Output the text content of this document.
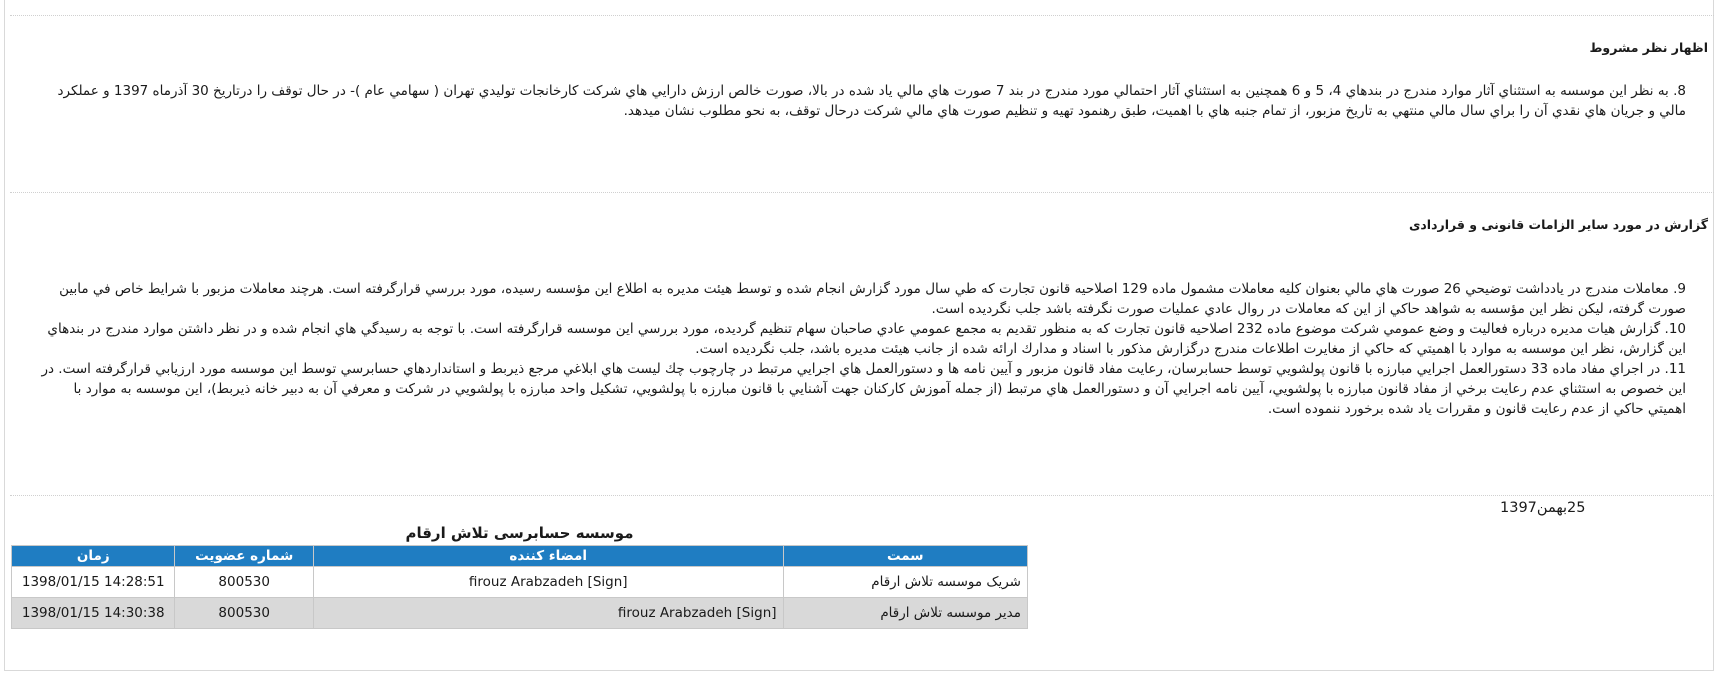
اظهار نظر مشروط

8. به نظر اين موسسه به استثناي آثار موارد مندرج در بندهاي 4، 5 و 6 همچنين به استثناي آثار احتمالي مورد مندرج در بند 7 صورت هاي مالي ياد شده در بالا، صورت خالص ارزش دارايي هاي شركت كارخانجات توليدي تهران ( سهامي عام )- در حال توقف را درتاريخ 30 آذرماه 1397 و عملكرد مالي و جريان هاي نقدي آن را براي سال مالي منتهي به تاريخ مزبور، از تمام جنبه هاي با اهميت، طبق رهنمود تهيه و تنظيم صورت هاي مالي شركت درحال توقف، به نحو مطلوب نشان ميدهد.

گزارش در مورد ساير الزامات قانونی و قراردادی

9. معاملات مندرج در يادداشت توضيحي 26 صورت هاي مالي بعنوان كليه معاملات مشمول ماده 129 اصلاحيه قانون تجارت كه طي سال مورد گزارش انجام شده و توسط هيئت مديره به اطلاع اين مؤسسه رسيده، مورد بررسي قرارگرفته است. هرچند معاملات مزبور با شرايط خاص في مابين صورت گرفته، ليكن نظر اين مؤسسه به شواهد حاكي از اين كه معاملات در روال عادي عمليات صورت نگرفته باشد جلب نگرديده است.

10. گزارش هيات مديره درباره فعاليت و وضع عمومي شركت موضوع ماده 232 اصلاحيه قانون تجارت كه به منظور تقديم به مجمع عمومي عادي صاحبان سهام تنظيم گرديده، مورد بررسي اين موسسه قرارگرفته است. با توجه به رسيدگي هاي انجام شده و در نظر داشتن موارد مندرج در بندهاي اين گزارش، نظر اين موسسه به موارد با اهميتي كه حاكي از مغايرت اطلاعات مندرج درگزارش مذكور با اسناد و مدارك ارائه شده از جانب هيئت مديره باشد، جلب نگرديده است.

11. در اجراي مفاد ماده 33 دستورالعمل اجرايي مبارزه با قانون پولشويي توسط حسابرسان، رعايت مفاد قانون مزبور و آيين نامه ها و دستورالعمل هاي اجرايي مرتبط در چارچوب چك ليست هاي ابلاغي مرجع ذيربط و استانداردهاي حسابرسي توسط اين موسسه مورد ارزيابي قرارگرفته است. در اين خصوص به استثناي عدم رعايت برخي از مفاد قانون مبارزه با پولشويي، آيين نامه اجرايي آن و دستورالعمل هاي مرتبط (از جمله آموزش كاركنان جهت آشنايي با قانون مبارزه با پولشويي، تشكيل واحد مبارزه با پولشويي در شركت و معرفي آن به دبير خانه ذيربط)، اين موسسه به موارد با اهميتي حاكي از عدم رعايت قانون و مقررات ياد شده برخورد ننموده است.

25بهمن1397
موسسه حسابرسی تلاش ارقام
سمت	امضاء کننده	شماره عضویت	زمان
شريک موسسه تلاش ارقام	firouz Arabzadeh [Sign]	800530	1398/01/15 14:28:51
مدير موسسه تلاش ارقام	firouz Arabzadeh [Sign]	800530	1398/01/15 14:30:38
